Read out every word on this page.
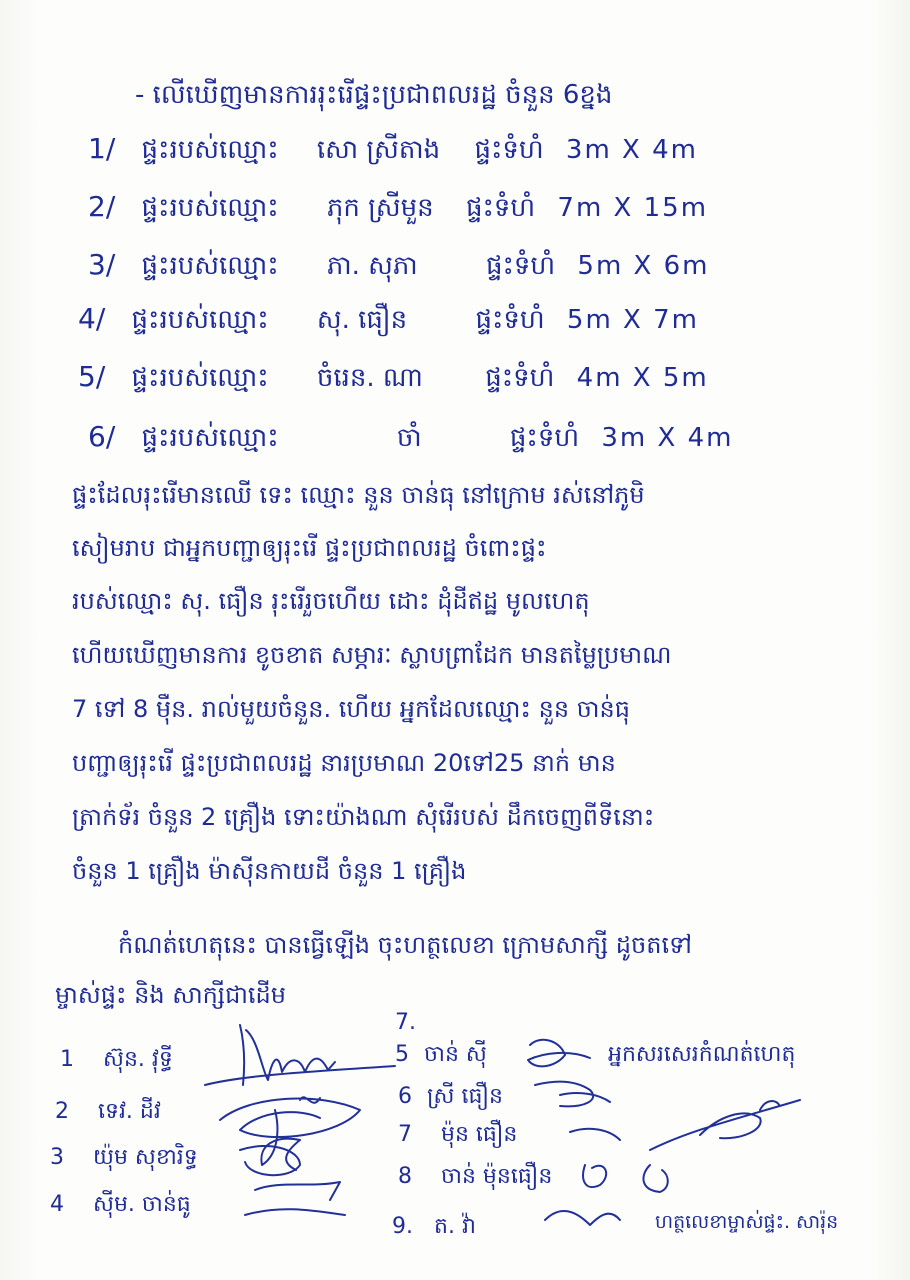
- លើឃើញមានការរុះរើផ្ទះប្រជាពលរដ្ឋ ចំនួន 6ខ្នង
1/ ផ្ទះរបស់ឈ្មោះ សោ ស្រីតាង ផ្ទះទំហំ 3m X 4m
2/ ផ្ទះរបស់ឈ្មោះ ភុក ស្រីមួន ផ្ទះទំហំ 7m X 15m
3/ ផ្ទះរបស់ឈ្មោះ ភា. សុភា	ផ្ទះទំហំ 5m X 6m
4/ ផ្ទះរបស់ឈ្មោះ សុ. ធឿន	ផ្ទះទំហំ 5m X 7m
5/ ផ្ទះរបស់ឈ្មោះ ចំរេន. ណា ផ្ទះទំហំ 4m X 5m
6/ ផ្ទះរបស់ឈ្មោះ	ចាំ	ផ្ទះទំហំ 3m X 4m
ផ្ទះដែលរុះរើមានឈើ ទេះ ឈ្មោះ នួន ចាន់ធុ នៅក្រោម រស់នៅភូមិ
សៀមរាប ជាអ្នកបញ្ជាឲ្យរុះរើ ផ្ទះប្រជាពលរដ្ឋ ចំពោះផ្ទះ
របស់ឈ្មោះ សុ. ធឿន រុះរើរួចហើយ ដោះ ដុំដីឥដ្ឋ មូលហេតុ
ហើយឃើញមានការ ខូចខាត សម្ភារៈ ស្លាបព្រាដែក មានតម្លៃប្រមាណ
7 ទៅ 8 ម៉ឺន. រាល់មួយចំនួន. ហើយ អ្នកដែលឈ្មោះ នួន ចាន់ធុ
បញ្ជាឲ្យរុះរើ ផ្ទះប្រជាពលរដ្ឋ នារប្រមាណ 20ទៅ25 នាក់ មាន
ត្រាក់ទ័រ ចំនួន 2 គ្រឿង ទោះយ៉ាងណា សុំរើរបស់ ដឹកចេញពីទីនោះ
ចំនួន 1 គ្រឿង ម៉ាស៊ីនកាយដី ចំនួន 1 គ្រឿង
កំណត់ហេតុនេះ បានធ្វើឡើង ចុះហត្ថលេខា ក្រោមសាក្សី ដូចតទៅ
ម្ចាស់ផ្ទះ និង សាក្សីជាដើម
7.
1 ស៊ុន. វុទ្ធី
2 ទេវ. ដីវ
3 យ៉ុម សុខារិទ្ធ
4 ស៊ីម. ចាន់ធូ
5 ចាន់ ស៊ី
6 ស្រី ធឿន
7 ម៉ុន ធឿន
8 ចាន់ ម៉ុនធឿន
9. ត. វ៉ា
អ្នកសរសេរកំណត់ហេតុ
ហត្ថលេខាម្ចាស់ផ្ទះ. សារ៉ុន
